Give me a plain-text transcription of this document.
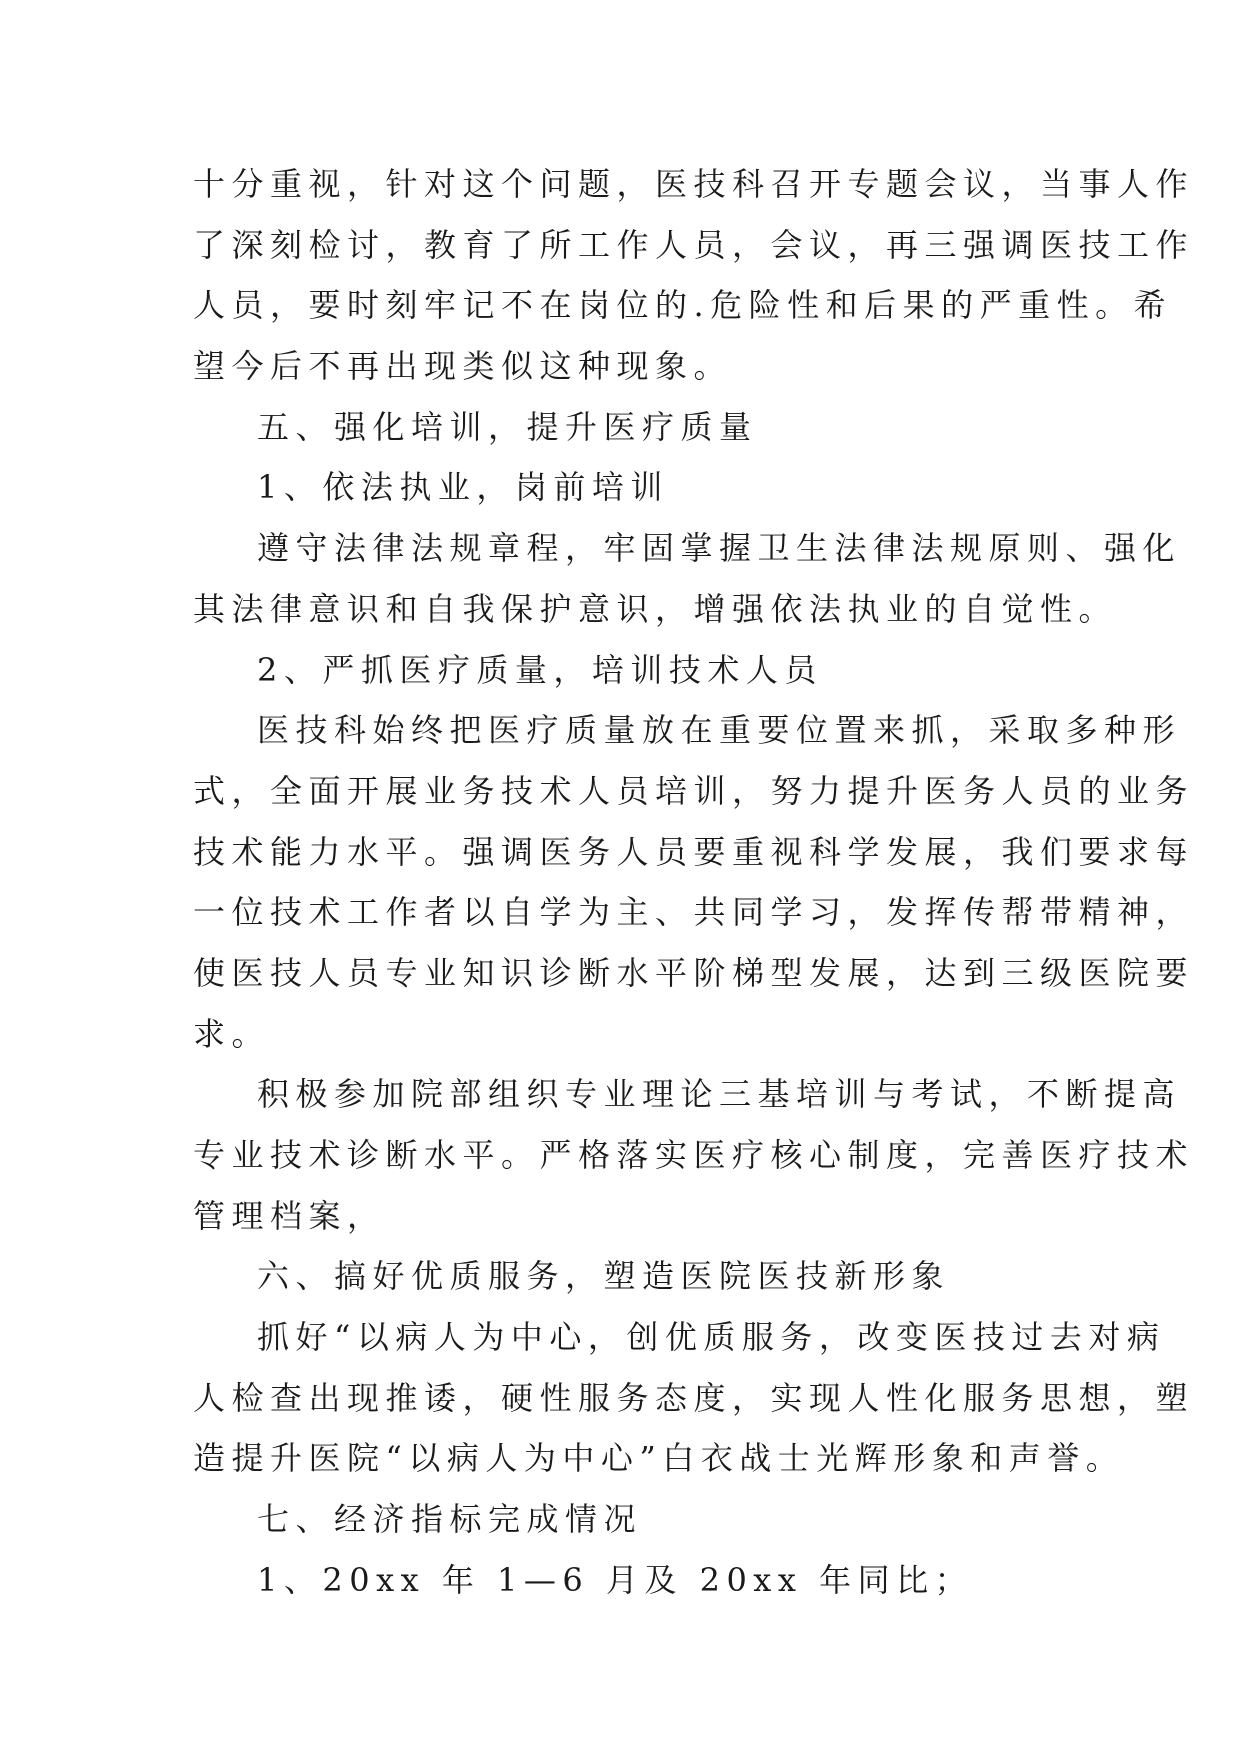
十分重视，针对这个问题，医技科召开专题会议，当事人作
了深刻检讨，教育了所工作人员，会议，再三强调医技工作
人员，要时刻牢记不在岗位的.危险性和后果的严重性。希
望今后不再出现类似这种现象。
五、强化培训，提升医疗质量
1、依法执业，岗前培训
遵守法律法规章程，牢固掌握卫生法律法规原则、强化
其法律意识和自我保护意识，增强依法执业的自觉性。
2、严抓医疗质量，培训技术人员
医技科始终把医疗质量放在重要位置来抓，采取多种形
式，全面开展业务技术人员培训，努力提升医务人员的业务
技术能力水平。强调医务人员要重视科学发展，我们要求每
一位技术工作者以自学为主、共同学习，发挥传帮带精神，
使医技人员专业知识诊断水平阶梯型发展，达到三级医院要
求。
积极参加院部组织专业理论三基培训与考试，不断提高
专业技术诊断水平。严格落实医疗核心制度，完善医疗技术
管理档案，
六、搞好优质服务，塑造医院医技新形象
抓好“以病人为中心，创优质服务，改变医技过去对病
人检查出现推诿，硬性服务态度，实现人性化服务思想，塑
造提升医院“以病人为中心”白衣战士光辉形象和声誉。
七、经济指标完成情况
1、20xx 年 1—6 月及 20xx 年同比；
